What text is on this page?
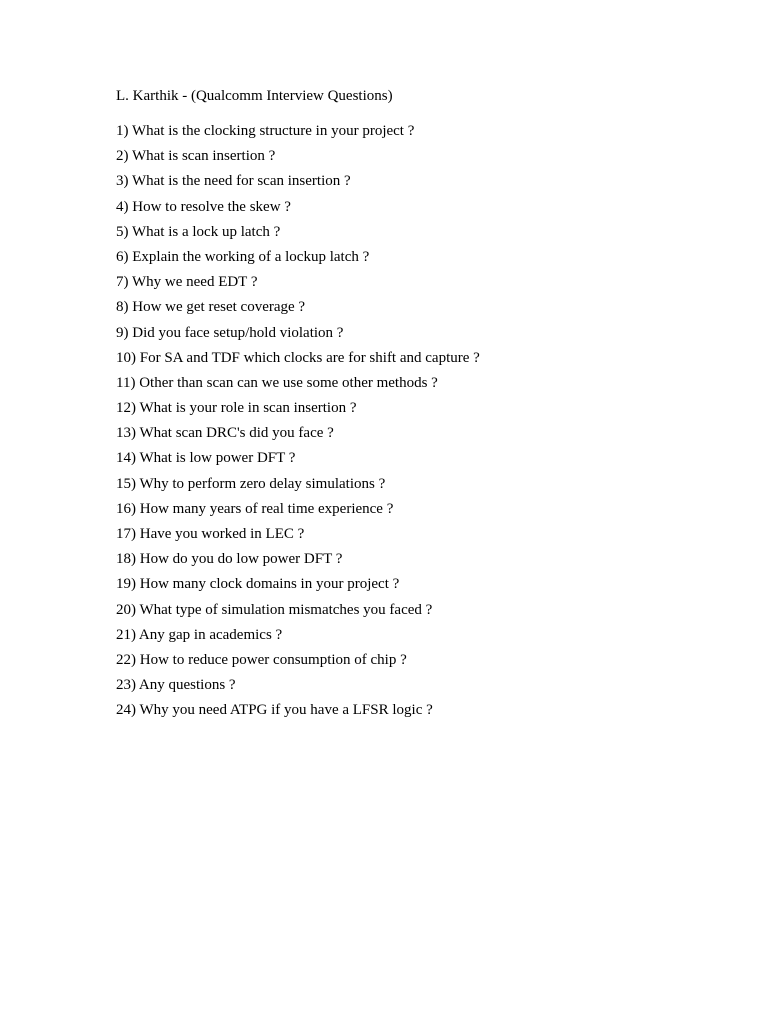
L. Karthik - (Qualcomm Interview Questions)
1) What is the clocking structure in your project ?
2) What is scan insertion ?
3) What is the need for scan insertion ?
4) How to resolve the skew ?
5) What is a lock up latch ?
6) Explain the working of a lockup latch ?
7) Why we need EDT ?
8) How we get reset coverage ?
9) Did you face setup/hold violation ?
10) For SA and TDF which clocks are for shift and capture ?
11) Other than scan can we use some other methods ?
12) What is your role in scan insertion ?
13) What scan DRC's did you face ?
14) What is low power DFT ?
15) Why to perform zero delay simulations ?
16) How many years of real time experience ?
17) Have you worked in LEC ?
18) How do you do low power DFT ?
19) How many clock domains in your project ?
20) What type of simulation mismatches you faced ?
21) Any gap in academics ?
22) How to reduce power consumption of chip ?
23) Any questions ?
24) Why you need ATPG if you have a LFSR logic ?
